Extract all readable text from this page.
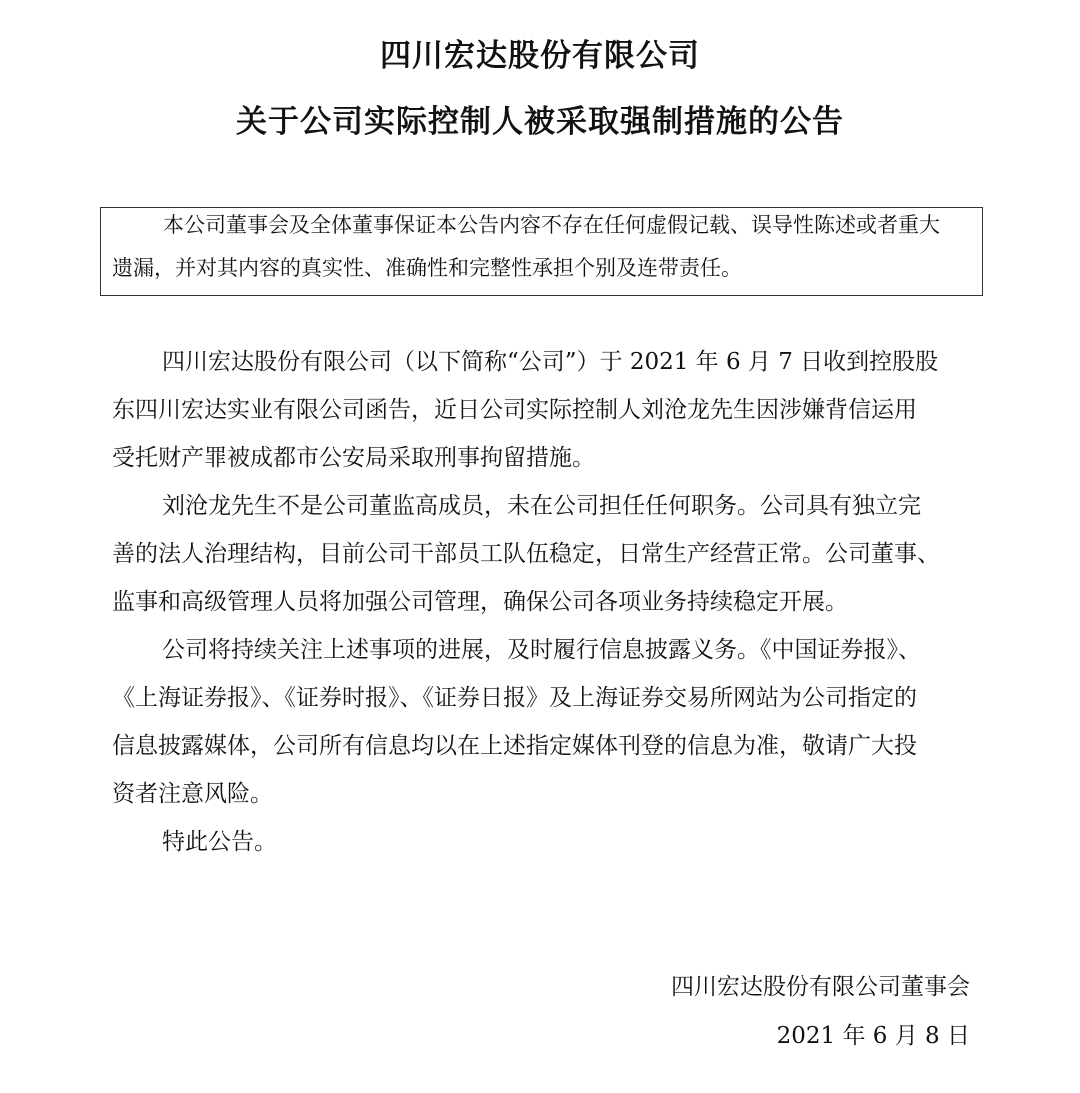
四川宏达股份有限公司
关于公司实际控制人被采取强制措施的公告
本公司董事会及全体董事保证本公告内容不存在任何虚假记载、误导性陈述或者重大
遗漏，并对其内容的真实性、准确性和完整性承担个别及连带责任。
四川宏达股份有限公司（以下简称“公司”）于 2021 年 6 月 7 日收到控股股
东四川宏达实业有限公司函告，近日公司实际控制人刘沧龙先生因涉嫌背信运用
受托财产罪被成都市公安局采取刑事拘留措施。
刘沧龙先生不是公司董监高成员，未在公司担任任何职务。公司具有独立完
善的法人治理结构，目前公司干部员工队伍稳定，日常生产经营正常。公司董事、
监事和高级管理人员将加强公司管理，确保公司各项业务持续稳定开展。
公司将持续关注上述事项的进展，及时履行信息披露义务。《中国证券报》、
《上海证券报》、《证券时报》、《证券日报》及上海证券交易所网站为公司指定的
信息披露媒体，公司所有信息均以在上述指定媒体刊登的信息为准，敬请广大投
资者注意风险。
特此公告。
四川宏达股份有限公司董事会
2021 年 6 月 8 日
